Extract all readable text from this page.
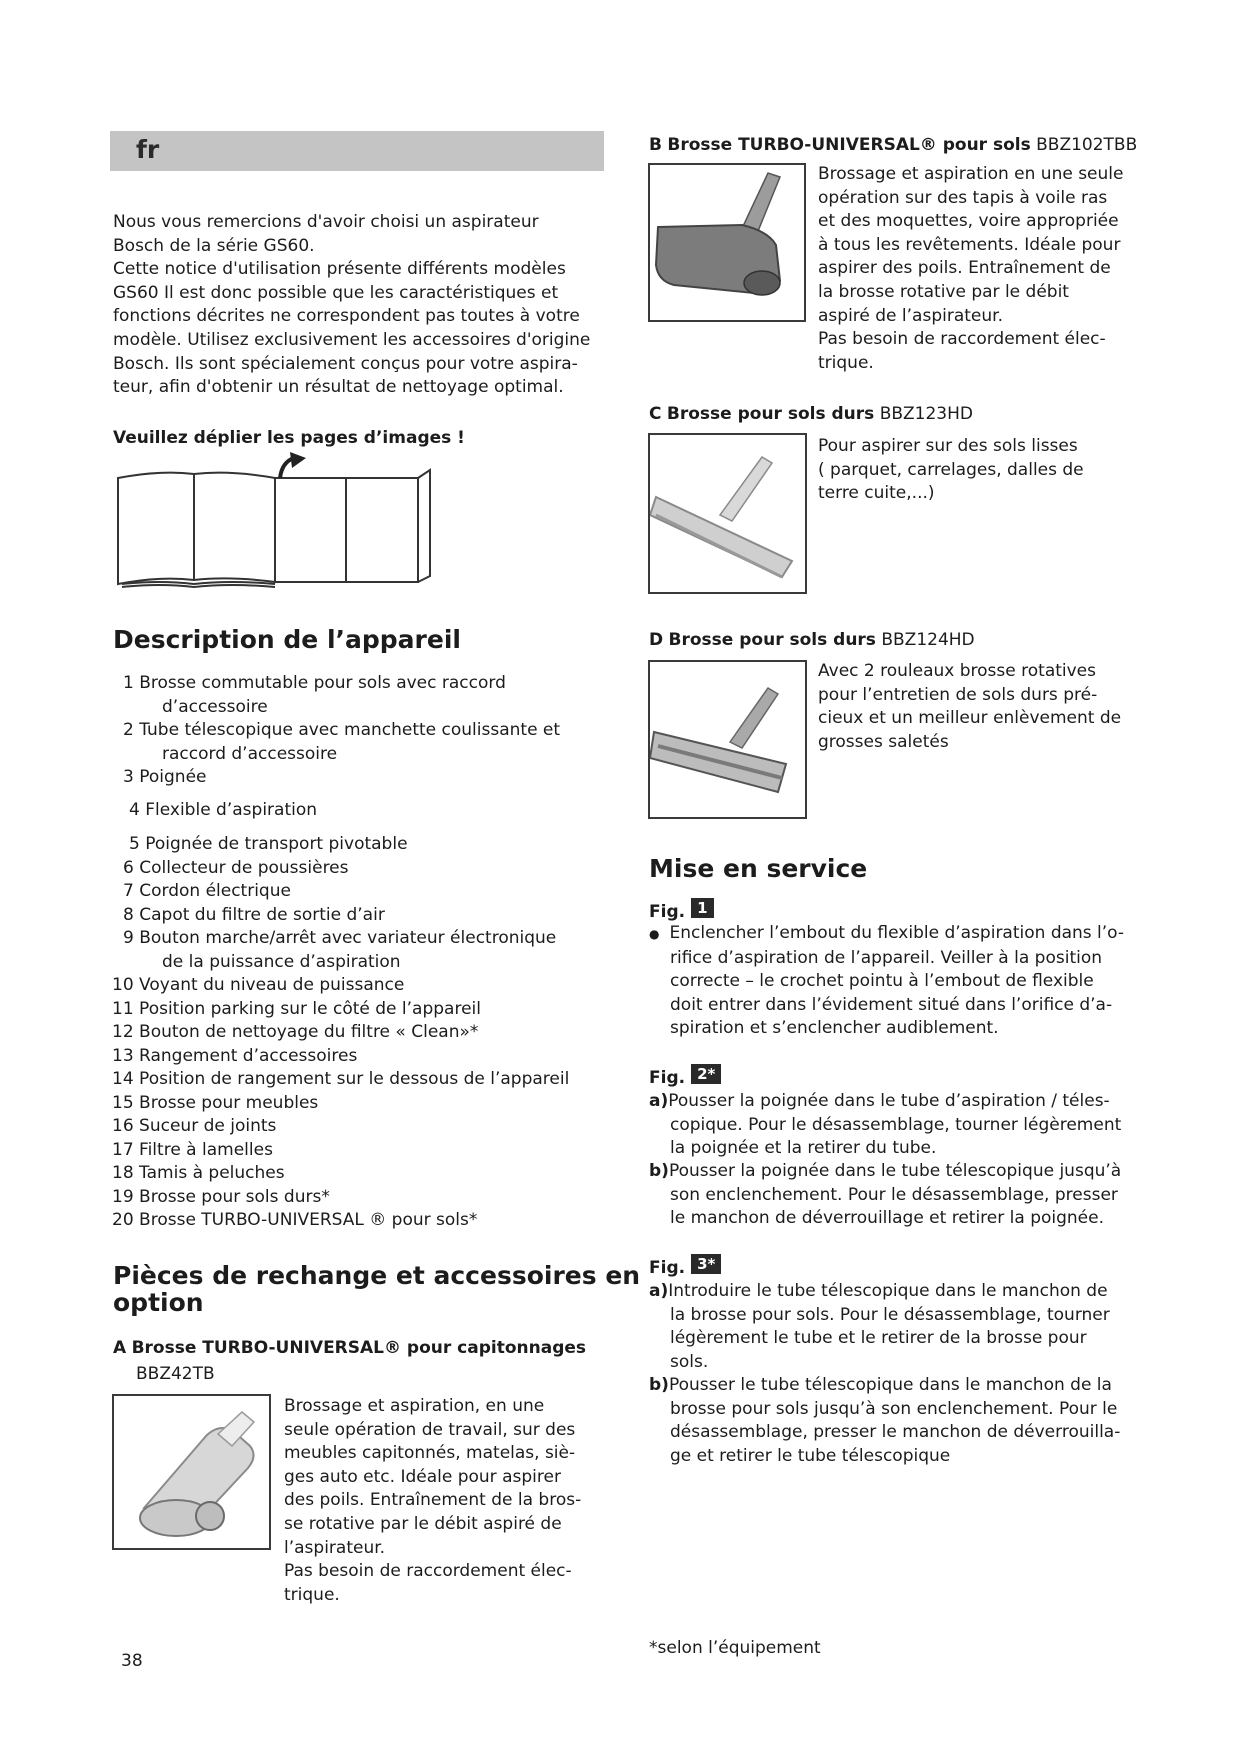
fr
Nous vous remercions d'avoir choisi un aspirateur
Bosch de la série GS60.
Cette notice d'utilisation présente différents modèles
GS60 Il est donc possible que les caractéristiques et
fonctions décrites ne correspondent pas toutes à votre
modèle. Utilisez exclusivement les accessoires d'origine
Bosch. Ils sont spécialement conçus pour votre aspira-
teur, afin d'obtenir un résultat de nettoyage optimal.
Veuillez déplier les pages d’images !
Description de l’appareil
1 Brosse commutable pour sols avec raccord
d’accessoire
2 Tube télescopique avec manchette coulissante et
raccord d’accessoire
3 Poignée
4 Flexible d’aspiration
5 Poignée de transport pivotable
6 Collecteur de poussières
7 Cordon électrique
8 Capot du filtre de sortie d’air
9 Bouton marche/arrêt avec variateur électronique
de la puissance d’aspiration
10 Voyant du niveau de puissance
11 Position parking sur le côté de l’appareil
12 Bouton de nettoyage du filtre « Clean»*
13 Rangement d’accessoires
14 Position de rangement sur le dessous de l’appareil
15 Brosse pour meubles
16 Suceur de joints
17 Filtre à lamelles
18 Tamis à peluches
19 Brosse pour sols durs*
20 Brosse TURBO-UNIVERSAL ® pour sols*
Pièces de rechange et accessoires en
option
A Brosse TURBO-UNIVERSAL® pour capitonnages
BBZ42TB
Brossage et aspiration, en une
seule opération de travail, sur des
meubles capitonnés, matelas, siè-
ges auto etc. Idéale pour aspirer
des poils. Entraînement de la bros-
se rotative par le débit aspiré de
l’aspirateur.
Pas besoin de raccordement élec-
trique.
B Brosse TURBO-UNIVERSAL® pour sols BBZ102TBB
Brossage et aspiration en une seule
opération sur des tapis à voile ras
et des moquettes, voire appropriée
à tous les revêtements. Idéale pour
aspirer des poils. Entraînement de
la brosse rotative par le débit
aspiré de l’aspirateur.
Pas besoin de raccordement élec-
trique.
C Brosse pour sols durs BBZ123HD
Pour aspirer sur des sols lisses
( parquet, carrelages, dalles de
terre cuite,...)
D Brosse pour sols durs BBZ124HD
Avec 2 rouleaux brosse rotatives
pour l’entretien de sols durs pré-
cieux et un meilleur enlèvement de
grosses saletés
Mise en service
Fig. 1
● Enclencher l’embout du flexible d’aspiration dans l’o-
rifice d’aspiration de l’appareil. Veiller à la position
correcte – le crochet pointu à l’embout de flexible
doit entrer dans l’évidement situé dans l’orifice d’a-
spiration et s’enclencher audiblement.
Fig. 2*
a)Pousser la poignée dans le tube d’aspiration / téles-
copique. Pour le désassemblage, tourner légèrement
la poignée et la retirer du tube.
b)Pousser la poignée dans le tube télescopique jusqu’à
son enclenchement. Pour le désassemblage, presser
le manchon de déverrouillage et retirer la poignée.
Fig. 3*
a)Introduire le tube télescopique dans le manchon de
la brosse pour sols. Pour le désassemblage, tourner
légèrement le tube et le retirer de la brosse pour
sols.
b)Pousser le tube télescopique dans le manchon de la
brosse pour sols jusqu’à son enclenchement. Pour le
désassemblage, presser le manchon de déverrouilla-
ge et retirer le tube télescopique
*selon l’équipement
38
